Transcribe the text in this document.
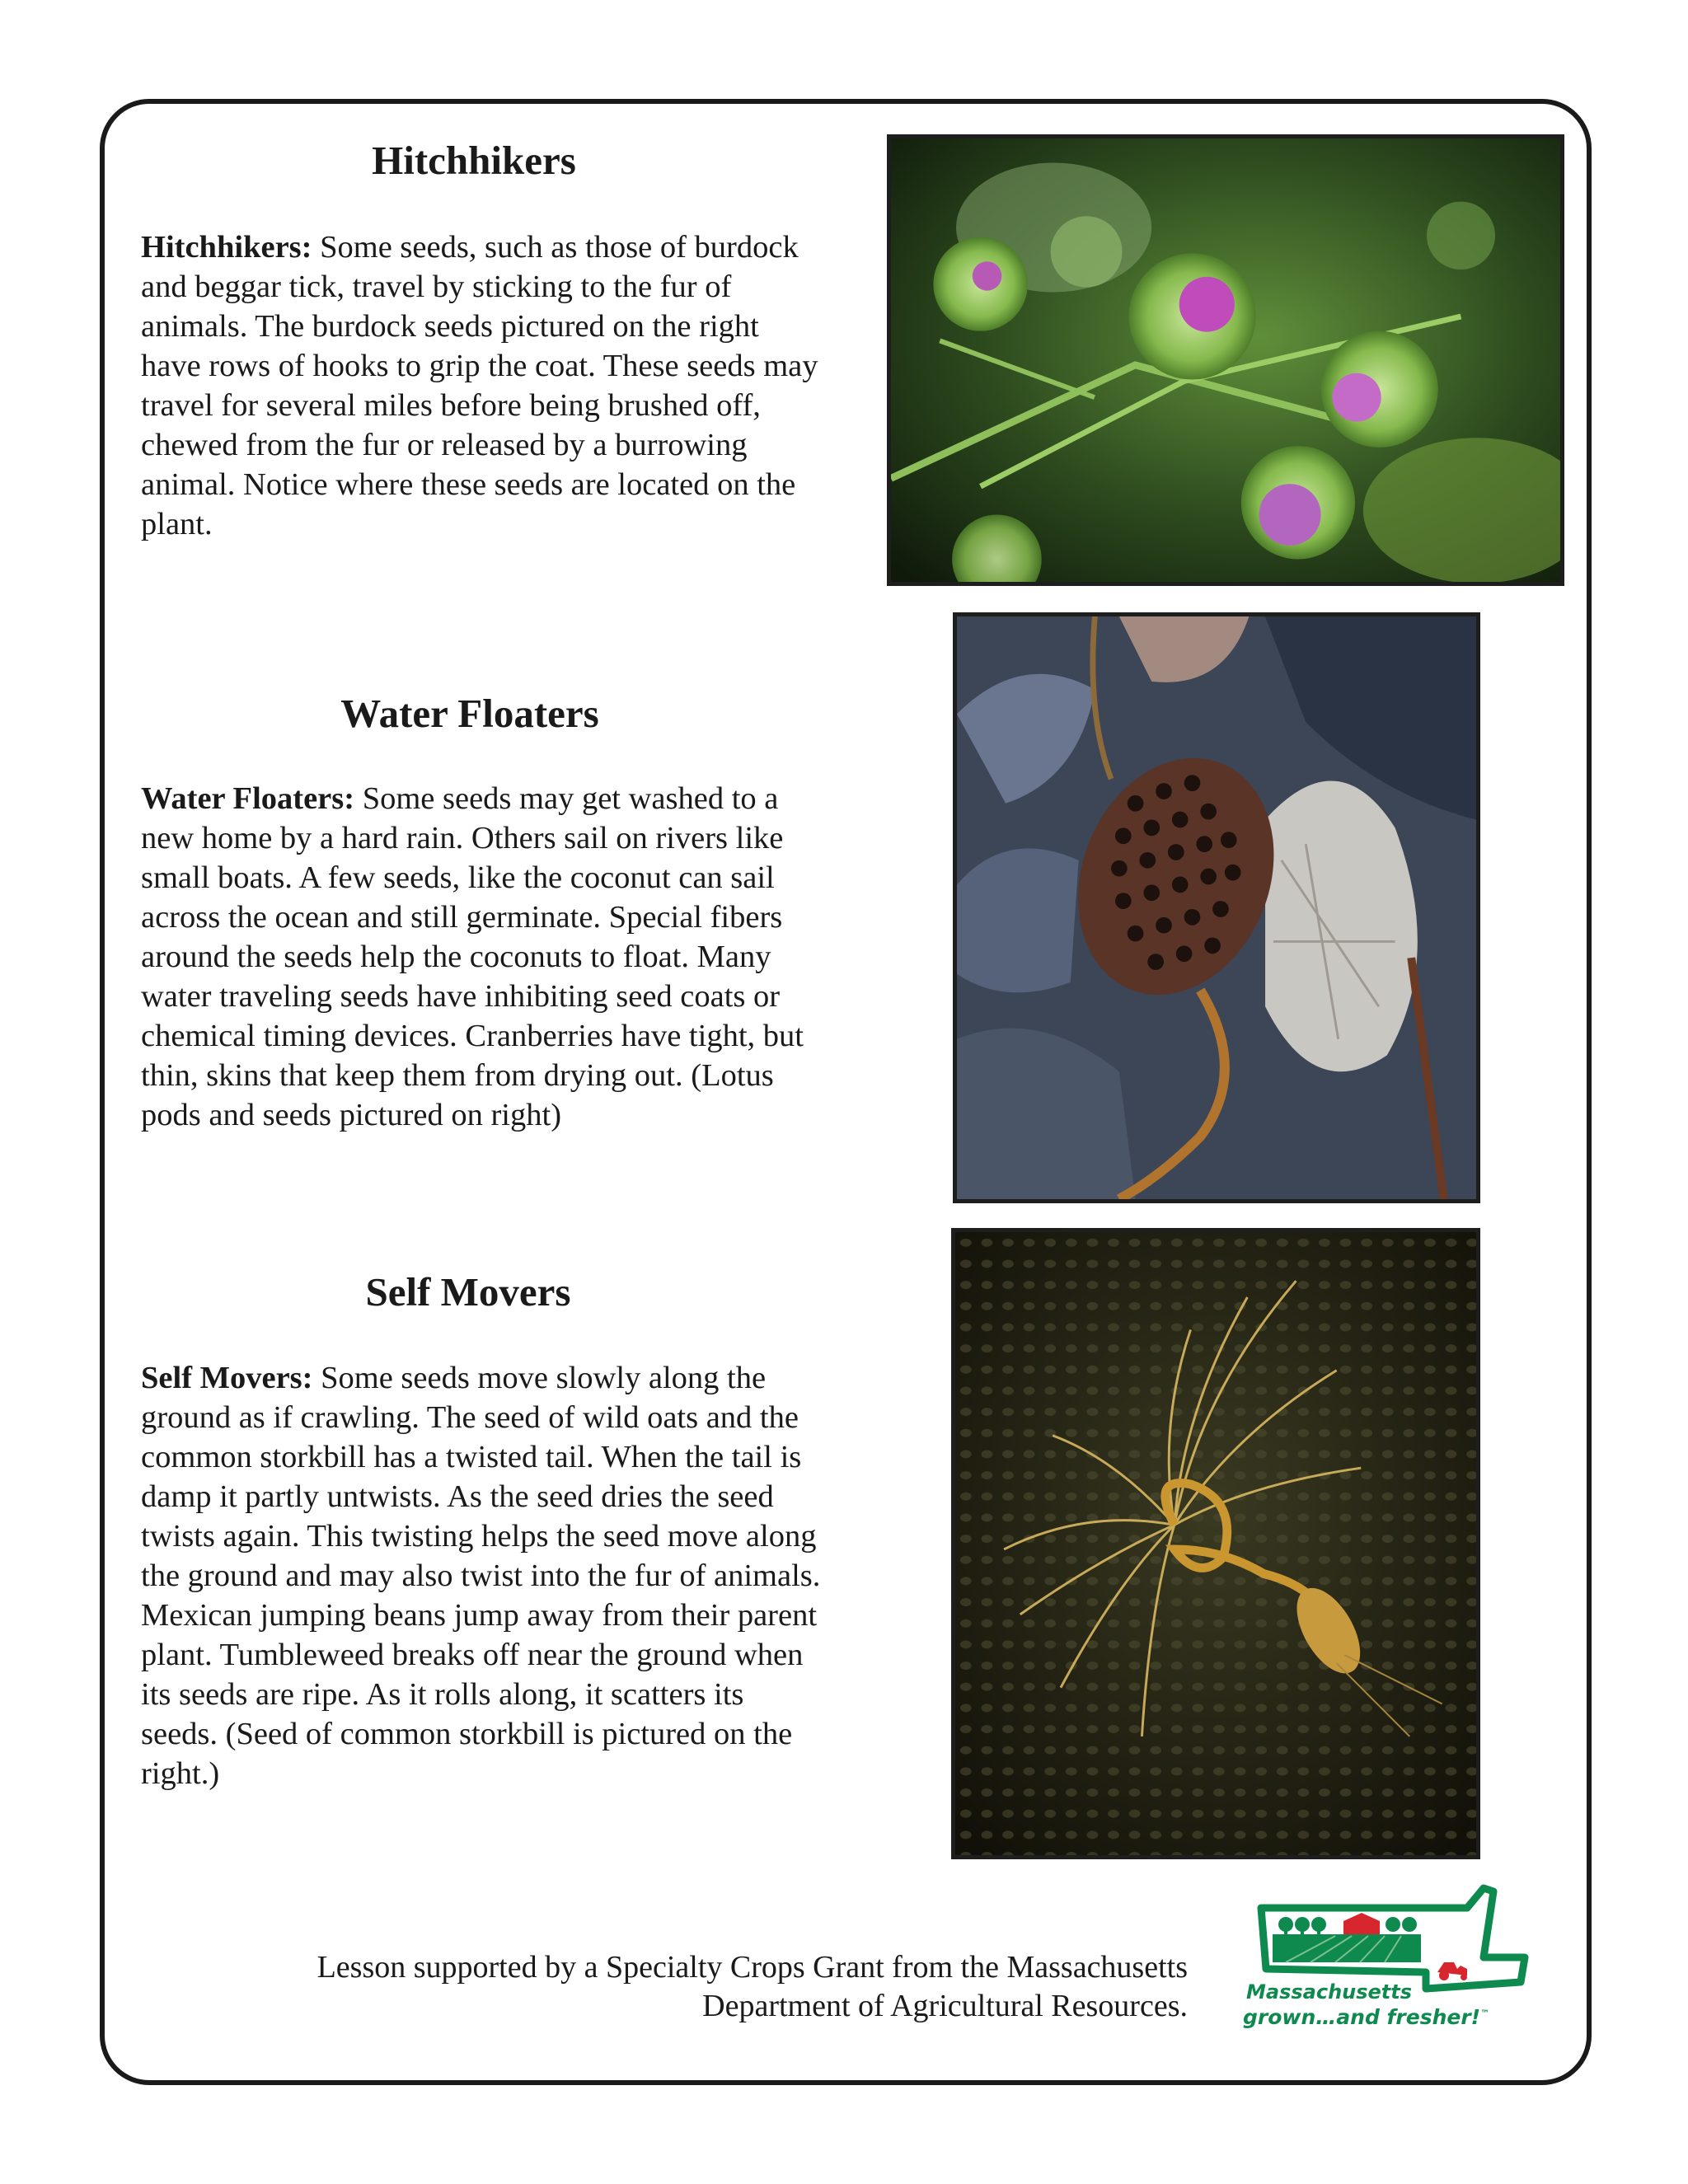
Hitchhikers

Hitchhikers: Some seeds, such as those of burdock and beggar tick, travel by sticking to the fur of animals. The burdock seeds pictured on the right have rows of hooks to grip the coat. These seeds may travel for several miles before being brushed off, chewed from the fur or released by a burrowing animal. Notice where these seeds are located on the plant.

Water Floaters

Water Floaters: Some seeds may get washed to a new home by a hard rain. Others sail on rivers like small boats. A few seeds, like the coconut can sail across the ocean and still germinate. Special fibers around the seeds help the coconuts to float. Many water traveling seeds have inhibiting seed coats or chemical timing devices. Cranberries have tight, but thin, skins that keep them from drying out. (Lotus pods and seeds pictured on right)

Self Movers

Self Movers: Some seeds move slowly along the ground as if crawling. The seed of wild oats and the common storkbill has a twisted tail. When the tail is damp it partly untwists. As the seed dries the seed twists again. This twisting helps the seed move along the ground and may also twist into the fur of animals. Mexican jumping beans jump away from their parent plant. Tumbleweed breaks off near the ground when its seeds are ripe. As it rolls along, it scatters its seeds. (Seed of common storkbill is pictured on the right.)

Lesson supported by a Specialty Crops Grant from the Massachusetts
Department of Agricultural Resources.	Massachusetts
grown…and fresher!™
